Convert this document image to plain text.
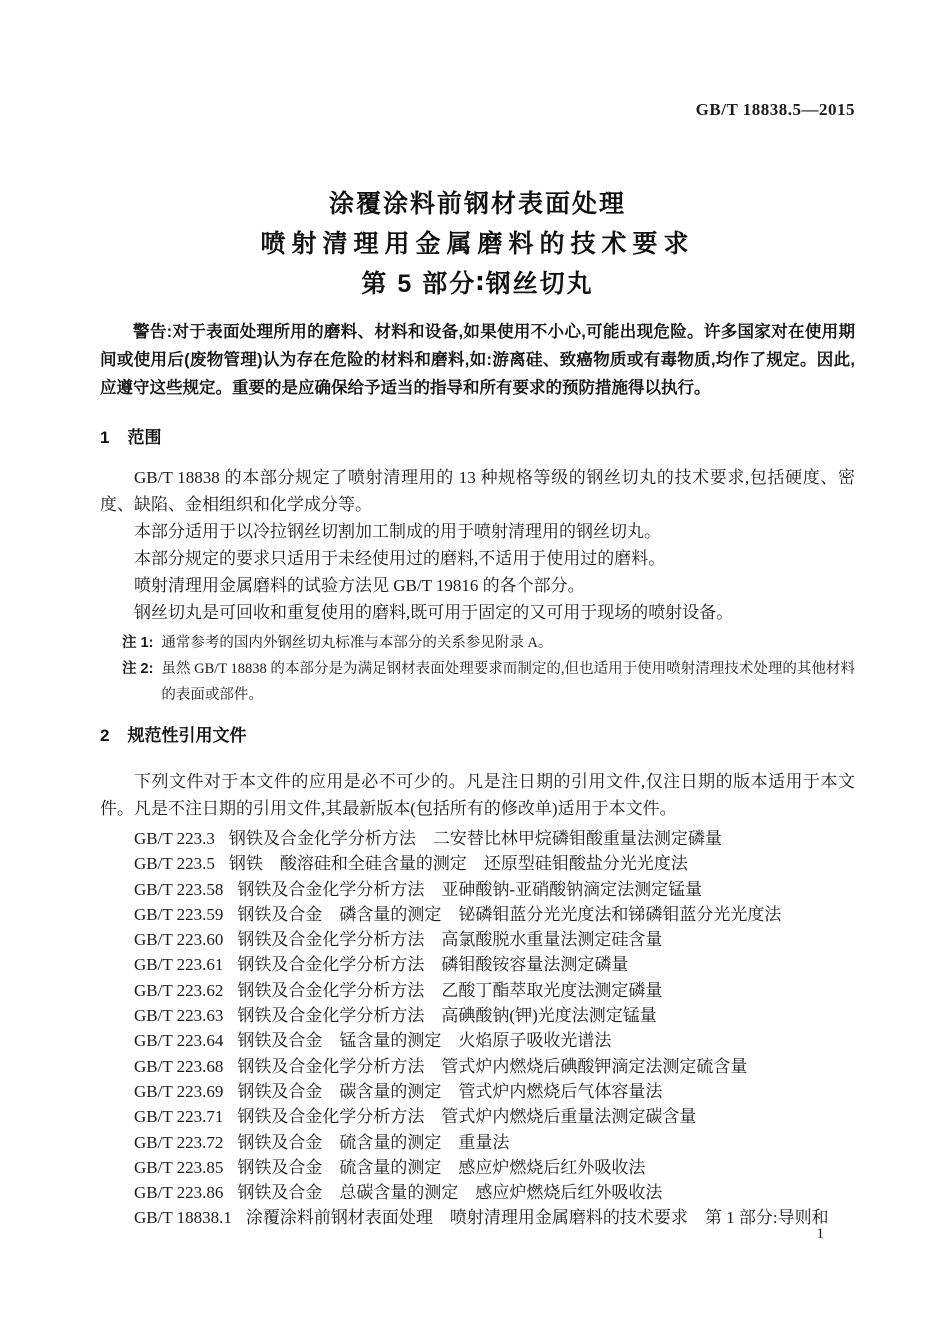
GB/T 18838.5—2015
涂覆涂料前钢材表面处理
喷射清理用金属磨料的技术要求
第 5 部分∶钢丝切丸

警告:对于表面处理所用的磨料、材料和设备,如果使用不小心,可能出现危险。许多国家对在使用期间或使用后(废物管理)认为存在危险的材料和磨料,如:游离硅、致癌物质或有毒物质,均作了规定。因此,应遵守这些规定。重要的是应确保给予适当的指导和所有要求的预防措施得以执行。

1 范围

GB/T 18838 的本部分规定了喷射清理用的 13 种规格等级的钢丝切丸的技术要求,包括硬度、密度、缺陷、金相组织和化学成分等。

本部分适用于以冷拉钢丝切割加工制成的用于喷射清理用的钢丝切丸。

本部分规定的要求只适用于未经使用过的磨料,不适用于使用过的磨料。

喷射清理用金属磨料的试验方法见 GB/T 19816 的各个部分。

钢丝切丸是可回收和重复使用的磨料,既可用于固定的又可用于现场的喷射设备。

注 1: 通常参考的国内外钢丝切丸标准与本部分的关系参见附录 A。
注 2: 虽然 GB/T 18838 的本部分是为满足钢材表面处理要求而制定的,但也适用于使用喷射清理技术处理的其他材料的表面或部件。
2 规范性引用文件

下列文件对于本文件的应用是必不可少的。凡是注日期的引用文件,仅注日期的版本适用于本文件。凡是不注日期的引用文件,其最新版本(包括所有的修改单)适用于本文件。

GB/T 223.3 钢铁及合金化学分析方法　二安替比林甲烷磷钼酸重量法测定磷量
GB/T 223.5 钢铁　酸溶硅和全硅含量的测定　还原型硅钼酸盐分光光度法
GB/T 223.58 钢铁及合金化学分析方法　亚砷酸钠-亚硝酸钠滴定法测定锰量
GB/T 223.59 钢铁及合金　磷含量的测定　铋磷钼蓝分光光度法和锑磷钼蓝分光光度法
GB/T 223.60 钢铁及合金化学分析方法　高氯酸脱水重量法测定硅含量
GB/T 223.61 钢铁及合金化学分析方法　磷钼酸铵容量法测定磷量
GB/T 223.62 钢铁及合金化学分析方法　乙酸丁酯萃取光度法测定磷量
GB/T 223.63 钢铁及合金化学分析方法　高碘酸钠(钾)光度法测定锰量
GB/T 223.64 钢铁及合金　锰含量的测定　火焰原子吸收光谱法
GB/T 223.68 钢铁及合金化学分析方法　管式炉内燃烧后碘酸钾滴定法测定硫含量
GB/T 223.69 钢铁及合金　碳含量的测定　管式炉内燃烧后气体容量法
GB/T 223.71 钢铁及合金化学分析方法　管式炉内燃烧后重量法测定碳含量
GB/T 223.72 钢铁及合金　硫含量的测定　重量法
GB/T 223.85 钢铁及合金　硫含量的测定　感应炉燃烧后红外吸收法
GB/T 223.86 钢铁及合金　总碳含量的测定　感应炉燃烧后红外吸收法
GB/T 18838.1 涂覆涂料前钢材表面处理　喷射清理用金属磨料的技术要求　第 1 部分:导则和
1
